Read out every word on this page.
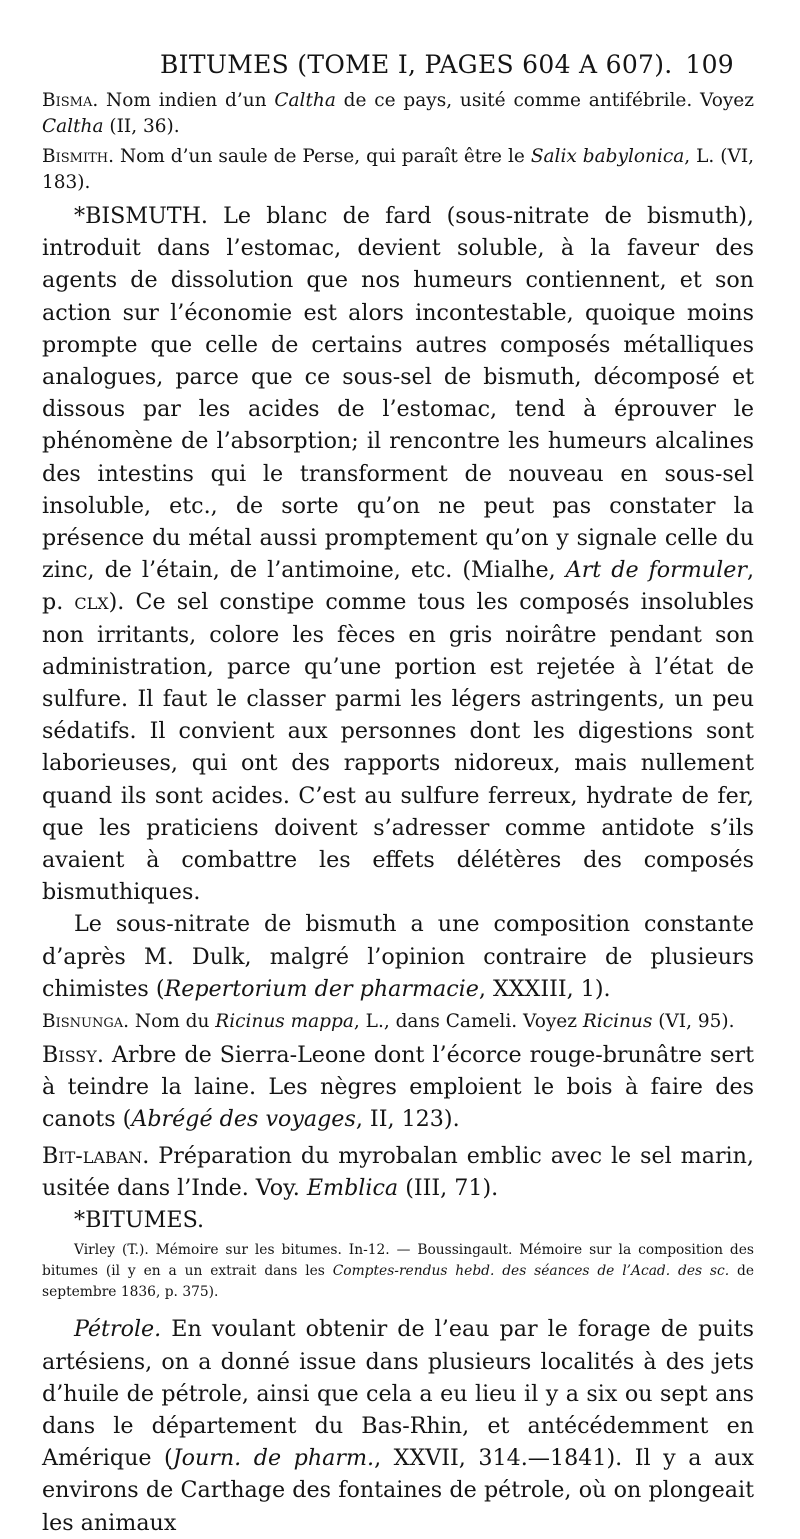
BITUMES (TOME I, PAGES 604 A 607). 109

Bisma. Nom indien d’un Caltha de ce pays, usité comme antifébrile. Voyez Caltha (II, 36).

Bismith. Nom d’un saule de Perse, qui paraît être le Salix babylonica, L. (VI, 183).

*BISMUTH. Le blanc de fard (sous-nitrate de bismuth), introduit dans l’estomac, devient soluble, à la faveur des agents de dissolution que nos humeurs contiennent, et son action sur l’économie est alors incontestable, quoique moins prompte que celle de certains autres composés métalliques analogues, parce que ce sous-sel de bismuth, décomposé et dissous par les acides de l’estomac, tend à éprouver le phénomène de l’absorption; il rencontre les humeurs alcalines des intestins qui le transforment de nouveau en sous-sel insoluble, etc., de sorte qu’on ne peut pas constater la présence du métal aussi promptement qu’on y signale celle du zinc, de l’étain, de l’antimoine, etc. (Mialhe, Art de formuler, p. clx). Ce sel constipe comme tous les composés insolubles non irritants, colore les fèces en gris noirâtre pendant son administration, parce qu’une portion est rejetée à l’état de sulfure. Il faut le classer parmi les légers astringents, un peu sédatifs. Il convient aux personnes dont les digestions sont laborieuses, qui ont des rapports nidoreux, mais nullement quand ils sont acides. C’est au sulfure ferreux, hydrate de fer, que les praticiens doivent s’adresser comme antidote s’ils avaient à combattre les effets délétères des composés bismuthiques.

Le sous-nitrate de bismuth a une composition constante d’après M. Dulk, malgré l’opinion contraire de plusieurs chimistes (Repertorium der pharmacie, XXXIII, 1).

Bisnunga. Nom du Ricinus mappa, L., dans Cameli. Voyez Ricinus (VI, 95).

Bissy. Arbre de Sierra-Leone dont l’écorce rouge-brunâtre sert à teindre la laine. Les nègres emploient le bois à faire des canots (Abrégé des voyages, II, 123).

Bit-laban. Préparation du myrobalan emblic avec le sel marin, usitée dans l’Inde. Voy. Emblica (III, 71).

*BITUMES.

Virley (T.). Mémoire sur les bitumes. In-12. — Boussingault. Mémoire sur la composition des bitumes (il y en a un extrait dans les Comptes-rendus hebd. des séances de l’Acad. des sc. de septembre 1836, p. 375).

Pétrole. En voulant obtenir de l’eau par le forage de puits artésiens, on a donné issue dans plusieurs localités à des jets d’huile de pétrole, ainsi que cela a eu lieu il y a six ou sept ans dans le département du Bas-Rhin, et antécédemment en Amérique (Journ. de pharm., XXVII, 314.—1841). Il y a aux environs de Carthage des fontaines de pétrole, où on plongeait les animaux
